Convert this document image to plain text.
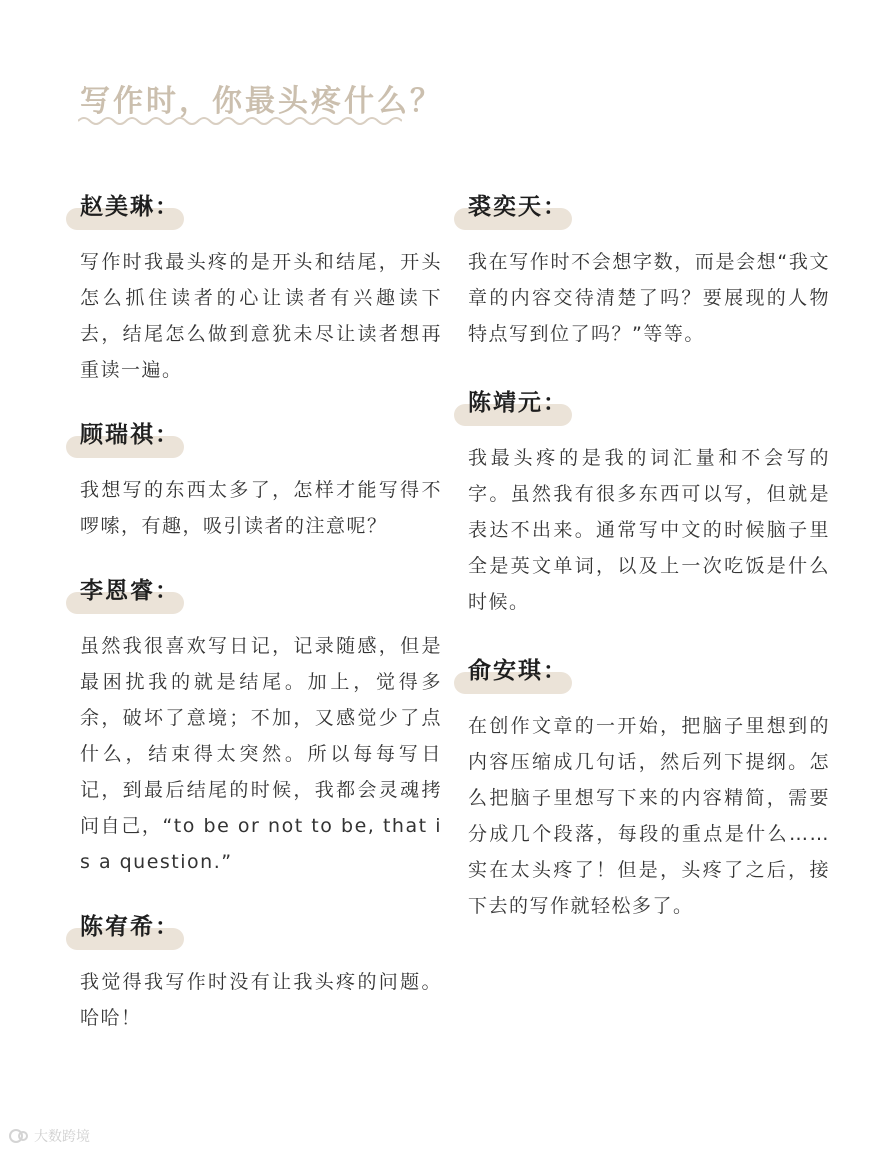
写作时，你最头疼什么？
赵美琳：

写作时我最头疼的是开头和结尾，开头怎么抓住读者的心让读者有兴趣读下去，结尾怎么做到意犹未尽让读者想再重读一遍。

顾瑞祺：

我想写的东西太多了，怎样才能写得不啰嗦，有趣，吸引读者的注意呢？

李恩睿：

虽然我很喜欢写日记，记录随感，但是最困扰我的就是结尾。加上，觉得多余，破坏了意境；不加，又感觉少了点什么，结束得太突然。所以每每写日记，到最后结尾的时候，我都会灵魂拷问自己，“to be or not to be, that is a question.”

陈宥希：

我觉得我写作时没有让我头疼的问题。哈哈！

裘奕天：

我在写作时不会想字数，而是会想“我文章的内容交待清楚了吗？要展现的人物特点写到位了吗？”等等。

陈靖元：

我最头疼的是我的词汇量和不会写的字。虽然我有很多东西可以写，但就是表达不出来。通常写中文的时候脑子里全是英文单词，以及上一次吃饭是什么时候。

俞安琪：

在创作文章的一开始，把脑子里想到的内容压缩成几句话，然后列下提纲。怎么把脑子里想写下来的内容精简，需要分成几个段落，每段的重点是什么……实在太头疼了！但是，头疼了之后，接下去的写作就轻松多了。

大数跨境
